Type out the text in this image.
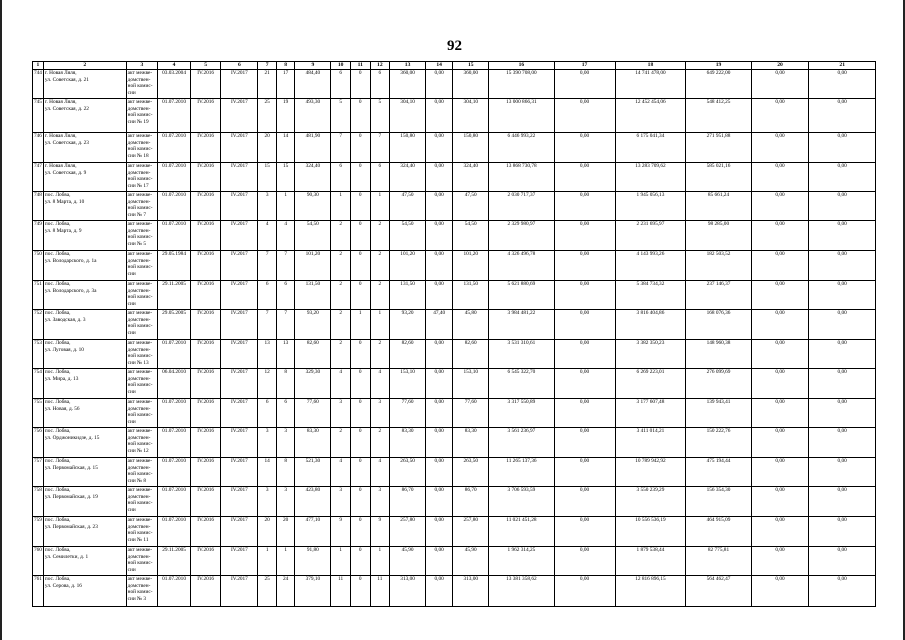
92
1	2	3	4	5	6	7	8	9	10	11	12	13	14	15	16	17	18	19	20	21
744	г. Новая Ляля,
ул. Советская, д. 21	акт межве-
домствен-
ной комис-
сии	03.03.2004	IV.2016	IV.2017	21	17	484,40	6	0	6	360,00	0,00	360,00	15 390 708,00	0,00	14 741 478,00	649 222,00	0,00	0,00
745	г. Новая Ляля,
ул. Советская, д. 22	акт межве-
домствен-
ной комис-
сии № 19	01.07.2010	IV.2016	IV.2017	25	19	493,30	5	0	5	304,10	0,00	304,10	13 000 866,31	0,00	12 452 454,06	548 412,25	0,00	0,00
746	г. Новая Ляля,
ул. Советская, д. 23	акт межве-
домствен-
ной комис-
сии № 18	01.07.2010	IV.2016	IV.2017	20	14	481,90	7	0	7	150,80	0,00	150,80	6 446 993,22	0,00	6 175 041,34	271 951,88	0,00	0,00
747	г. Новая Ляля,
ул. Советская, д. 9	акт межве-
домствен-
ной комис-
сии № 17	01.07.2010	IV.2016	IV.2017	15	15	324,40	6	0	6	324,40	0,00	324,40	13 868 730,78	0,00	13 283 709,62	585 021,16	0,00	0,00
748	пос. Лобва,
ул. 8 Марта, д. 10	акт межве-
домствен-
ной комис-
сии № 7	01.07.2010	IV.2016	IV.2017	3	1	90,30	1	0	1	47,50	0,00	47,50	2 030 717,37	0,00	1 945 056,13	85 661,24	0,00	0,00
749	пос. Лобва,
ул. 8 Марта, д. 9	акт межве-
домствен-
ной комис-
сии № 5	01.07.2010	IV.2016	IV.2017	4	4	54,50	2	0	2	54,50	0,00	54,50	2 329 980,97	0,00	2 231 695,97	98 285,00	0,00	0,00
750	пос. Лобва,
ул. Володарского, д. 1а	акт межве-
домствен-
ной комис-
сии	29.05.1984	IV.2016	IV.2017	7	7	101,20	2	0	2	101,20	0,00	101,20	4 326 496,78	0,00	4 143 993,26	182 503,52	0,00	0,00
751	пос. Лобва,
ул. Володарского, д. 3а	акт межве-
домствен-
ной комис-
сии	29.11.2005	IV.2016	IV.2017	6	6	131,50	2	0	2	131,50	0,00	131,50	5 621 880,69	0,00	5 384 734,32	237 146,37	0,00	0,00
752	пос. Лобва,
ул. Заводская, д. 3	акт межве-
домствен-
ной комис-
сии	29.05.2005	IV.2016	IV.2017	7	7	93,20	2	1	1	93,20	47,40	45,80	3 984 481,22	0,00	3 816 404,86	168 076,36	0,00	0,00
753	пос. Лобва,
ул. Луговая, д. 10	акт межве-
домствен-
ной комис-
сии № 13	01.07.2010	IV.2016	IV.2017	13	13	82,60	2	0	2	82,60	0,00	82,60	3 531 310,61	0,00	3 382 350,23	148 960,38	0,00	0,00
754	пос. Лобва,
ул. Мира, д. 13	акт межве-
домствен-
ной комис-
сии	06.04.2010	IV.2016	IV.2017	12	8	329,30	4	0	4	153,10	0,00	153,10	6 545 322,70	0,00	6 269 223,01	276 099,69	0,00	0,00
755	пос. Лобва,
ул. Новая, д. 56	акт межве-
домствен-
ной комис-
сии	01.07.2010	IV.2016	IV.2017	6	6	77,60	3	0	3	77,60	0,00	77,60	3 317 550,89	0,00	3 177 607,48	139 943,41	0,00	0,00
756	пос. Лобва,
ул. Орджоникидзе, д. 15	акт межве-
домствен-
ной комис-
сии № 12	01.07.2010	IV.2016	IV.2017	3	3	83,30	2	0	2	83,30	0,00	83,30	3 561 236,97	0,00	3 411 014,21	150 222,76	0,00	0,00
757	пос. Лобва,
ул. Первомайская, д. 15	акт межве-
домствен-
ной комис-
сии № 8	01.07.2010	IV.2016	IV.2017	14	8	521,30	4	0	4	263,50	0,00	263,50	11 265 137,36	0,00	10 789 942,92	475 194,44	0,00	0,00
758	пос. Лобва,
ул. Первомайская, д. 19	акт межве-
домствен-
ной комис-
сии	01.07.2010	IV.2016	IV.2017	3	3	423,80	3	0	3	86,70	0,00	86,70	3 706 593,59	0,00	3 550 239,29	156 354,30	0,00	0,00
759	пос. Лобва,
ул. Первомайская, д. 23	акт межве-
домствен-
ной комис-
сии № 11	01.07.2010	IV.2016	IV.2017	20	20	477,10	9	0	9	257,80	0,00	257,80	11 021 451,28	0,00	10 556 536,19	464 915,09	0,00	0,00
760	пос. Лобва,
ул. Семилетки, д. 1	акт межве-
домствен-
ной комис-
сии	29.11.2005	IV.2016	IV.2017	1	1	91,80	1	0	1	45,90	0,00	45,90	1 962 314,25	0,00	1 879 538,44	82 775,81	0,00	0,00
761	пос. Лобва,
ул. Серова, д. 16	акт межве-
домствен-
ной комис-
сии № 3	01.07.2010	IV.2016	IV.2017	25	24	379,10	11	0	11	313,00	0,00	313,00	13 381 358,62	0,00	12 816 896,15	564 462,47	0,00	0,00
